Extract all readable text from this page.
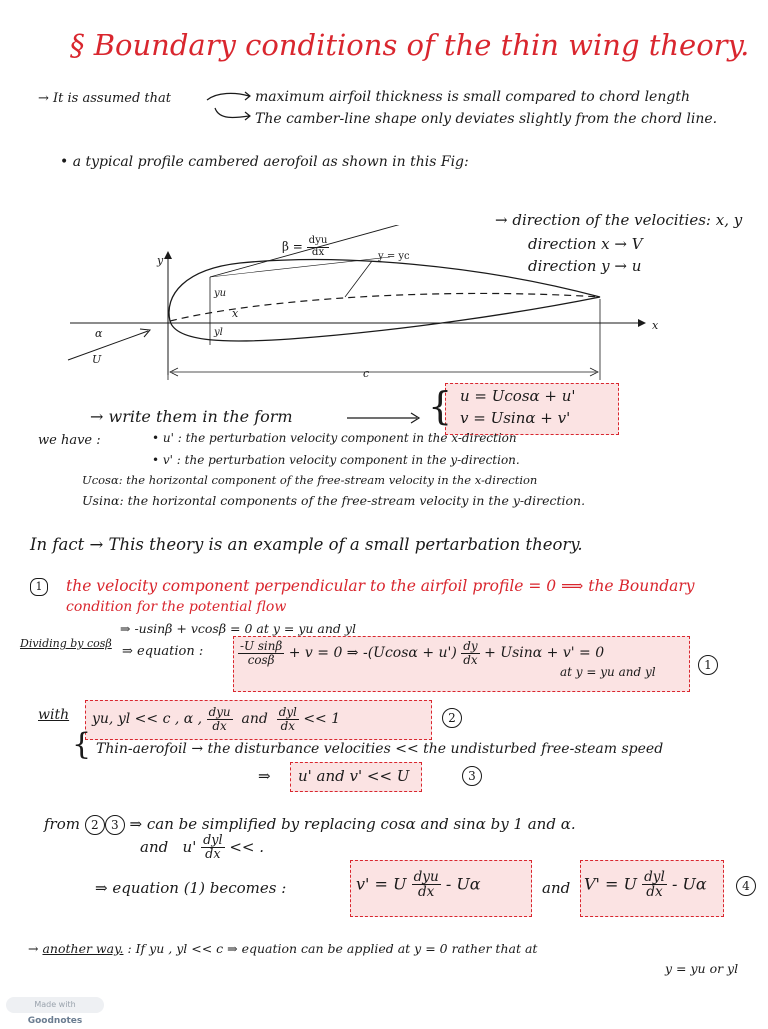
§ Boundary conditions of the thin wing theory.
→ It is assumed that	maximum airfoil thickness is small compared to chord length
The camber-line shape only deviates slightly from the chord line.
• a typical profile cambered aerofoil as shown in this Fig:
$\beta = \frac{\text{dyu}}{dx}$	y = yc
y
x
x
yu
yl
α
U
c
→ direction of the velocities: x, y
direction x → V
direction y → u
→ write them in the form	{ u = Ucosα + u'
v = Usinα + v'
we have :	• u' : the perturbation velocity component in the x-direction
• v' : the perturbation velocity component in the y-direction.
Ucosα: the horizontal component of the free-stream velocity in the x-direction
Usinα: the horizontal components of the free-stream velocity in the y-direction.
In fact → This theory is an example of a small pertarbation theory.
1	the velocity component perpendicular to the airfoil profile = 0 ⟹ the Boundary
condition for the potential flow
⇒ -usinβ + vcosβ = 0 at y = yu and yl
Dividing by cosβ
⇒ equation :	$\frac{\text{-U sinβ}}{\cos\beta} + v = 0$ ⇒ $-(Ucos\alpha + u') \frac{dy}{dx} + Usin\alpha + v' = 0$
at y = yu and yl	1
with yu, yl << c , α , $\frac{\text{dyu}}{dx}$ and $\frac{\text{dyl}}{dx} << 1$	2
{ Thin-aerofoil → the disturbance velocities << the undisturbed free-steam speed
⇒ u' and v' << U	3
from 2 3 ⇒ can be simplified by replacing cosα and sinα by 1 and α.
and $u' \frac{\text{dyl}}{dx}$ << .
⇒ equation (1) becomes :	v' = U $\frac{\text{dyu}}{dx}$ - Uα	and V' = U $\frac{\text{dyl}}{dx}$ - Uα	4
→ another way. : If yu , yl << c ⇒ equation can be applied at y = 0 rather that at
y = yu or yl
Made with Goodnotes
